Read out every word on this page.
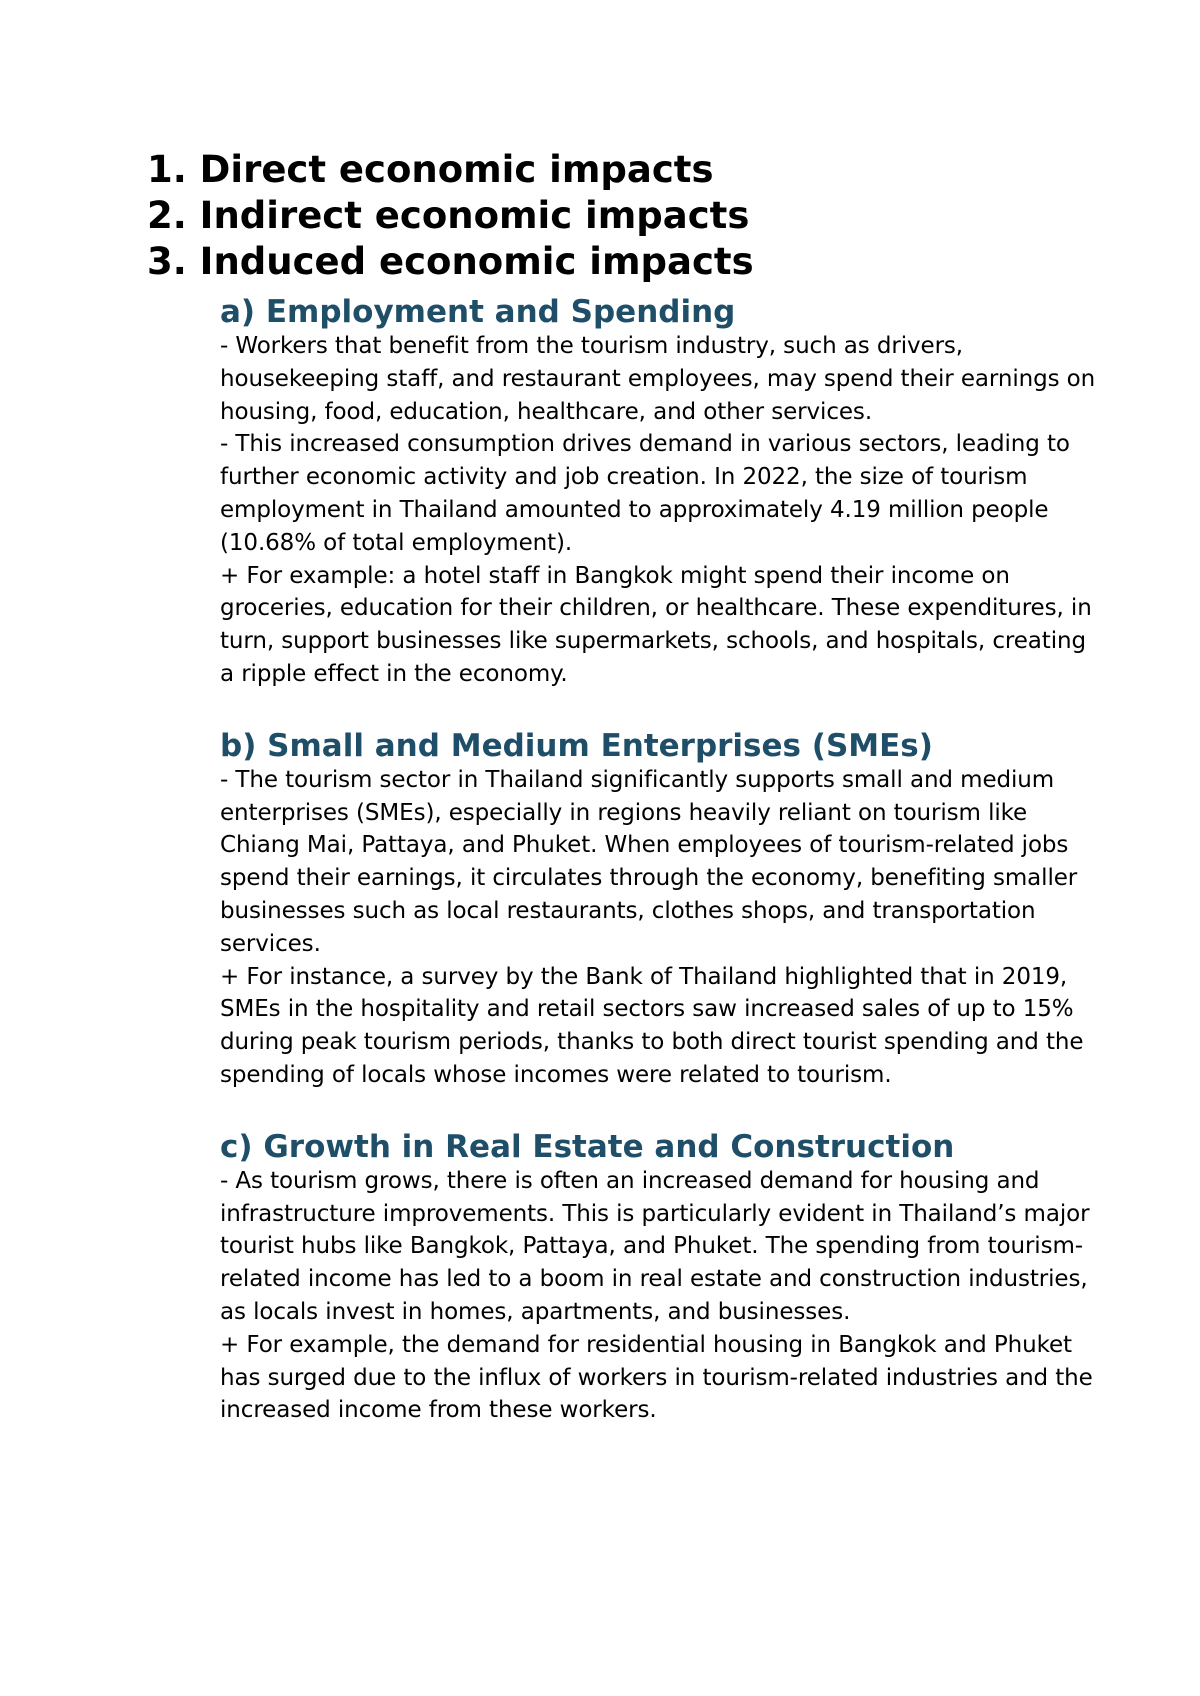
1. Direct economic impacts
2. Indirect economic impacts
3. Induced economic impacts
a) Employment and Spending

- Workers that benefit from the tourism industry, such as drivers, housekeeping staff, and restaurant employees, may spend their earnings on housing, food, education, healthcare, and other services.

- This increased consumption drives demand in various sectors, leading to further economic activity and job creation. In 2022, the size of tourism employment in Thailand amounted to approximately 4.19 million people (10.68% of total employment).

+ For example: a hotel staff in Bangkok might spend their income on groceries, education for their children, or healthcare. These expenditures, in turn, support businesses like supermarkets, schools, and hospitals, creating a ripple effect in the economy.

b) Small and Medium Enterprises (SMEs)

- The tourism sector in Thailand significantly supports small and medium enterprises (SMEs), especially in regions heavily reliant on tourism like Chiang Mai, Pattaya, and Phuket. When employees of tourism-related jobs spend their earnings, it circulates through the economy, benefiting smaller businesses such as local restaurants, clothes shops, and transportation services.

+ For instance, a survey by the Bank of Thailand highlighted that in 2019, SMEs in the hospitality and retail sectors saw increased sales of up to 15% during peak tourism periods, thanks to both direct tourist spending and the spending of locals whose incomes were related to tourism.

c) Growth in Real Estate and Construction

- As tourism grows, there is often an increased demand for housing and infrastructure improvements. This is particularly evident in Thailand’s major tourist hubs like Bangkok, Pattaya, and Phuket. The spending from tourism-related income has led to a boom in real estate and construction industries, as locals invest in homes, apartments, and businesses.

+ For example, the demand for residential housing in Bangkok and Phuket has surged due to the influx of workers in tourism-related industries and the increased income from these workers.
